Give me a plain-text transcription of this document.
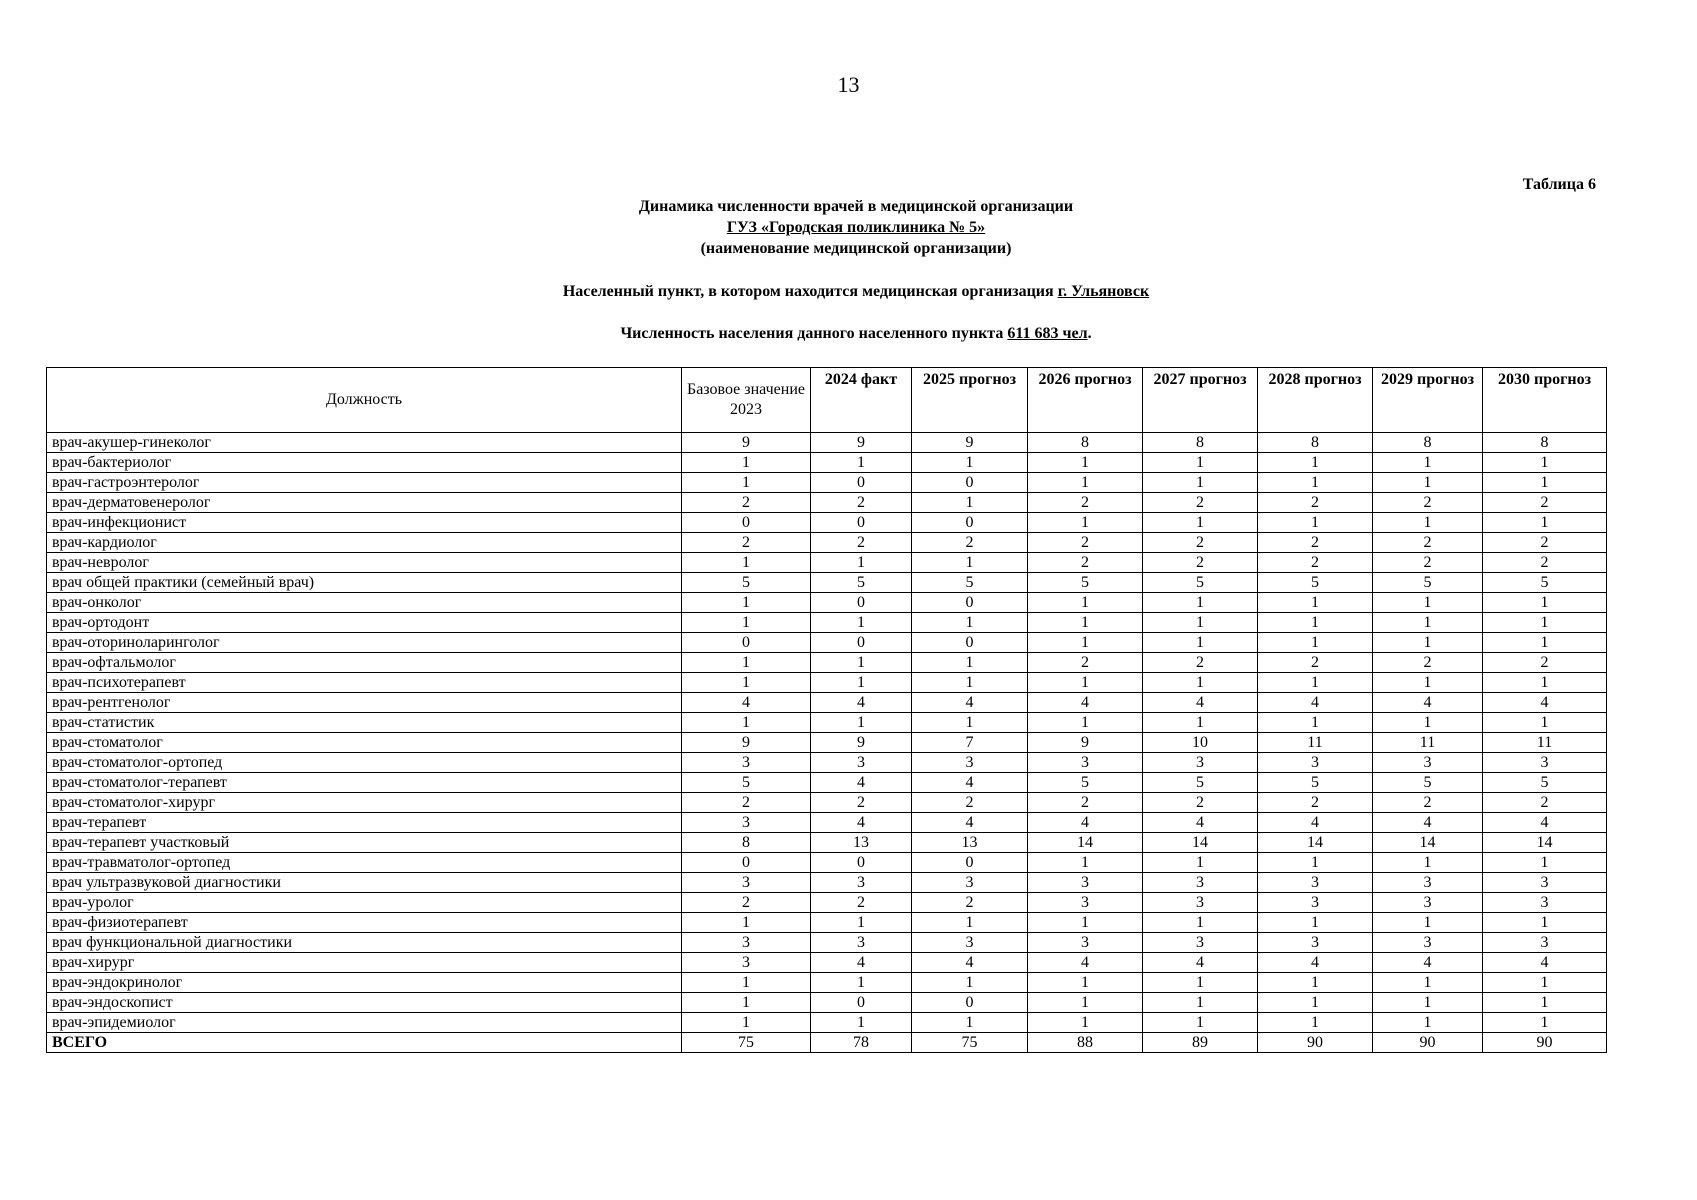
13
Таблица 6
Динамика численности врачей в медицинской организации
ГУЗ «Городская поликлиника № 5»
(наименование медицинской организации)
Населенный пункт, в котором находится медицинская организация г. Ульяновск
Численность населения данного населенного пункта 611 683 чел.
Должность	Базовое значение 2023	2024 факт	2025 прогноз	2026 прогноз	2027 прогноз	2028 прогноз	2029 прогноз	2030 прогноз
врач-акушер-гинеколог	9	9	9	8	8	8	8	8
врач-бактериолог	1	1	1	1	1	1	1	1
врач-гастроэнтеролог	1	0	0	1	1	1	1	1
врач-дерматовенеролог	2	2	1	2	2	2	2	2
врач-инфекционист	0	0	0	1	1	1	1	1
врач-кардиолог	2	2	2	2	2	2	2	2
врач-невролог	1	1	1	2	2	2	2	2
врач общей практики (семейный врач)	5	5	5	5	5	5	5	5
врач-онколог	1	0	0	1	1	1	1	1
врач-ортодонт	1	1	1	1	1	1	1	1
врач-оториноларинголог	0	0	0	1	1	1	1	1
врач-офтальмолог	1	1	1	2	2	2	2	2
врач-психотерапевт	1	1	1	1	1	1	1	1
врач-рентгенолог	4	4	4	4	4	4	4	4
врач-статистик	1	1	1	1	1	1	1	1
врач-стоматолог	9	9	7	9	10	11	11	11
врач-стоматолог-ортопед	3	3	3	3	3	3	3	3
врач-стоматолог-терапевт	5	4	4	5	5	5	5	5
врач-стоматолог-хирург	2	2	2	2	2	2	2	2
врач-терапевт	3	4	4	4	4	4	4	4
врач-терапевт участковый	8	13	13	14	14	14	14	14
врач-травматолог-ортопед	0	0	0	1	1	1	1	1
врач ультразвуковой диагностики	3	3	3	3	3	3	3	3
врач-уролог	2	2	2	3	3	3	3	3
врач-физиотерапевт	1	1	1	1	1	1	1	1
врач функциональной диагностики	3	3	3	3	3	3	3	3
врач-хирург	3	4	4	4	4	4	4	4
врач-эндокринолог	1	1	1	1	1	1	1	1
врач-эндоскопист	1	0	0	1	1	1	1	1
врач-эпидемиолог	1	1	1	1	1	1	1	1
ВСЕГО	75	78	75	88	89	90	90	90
